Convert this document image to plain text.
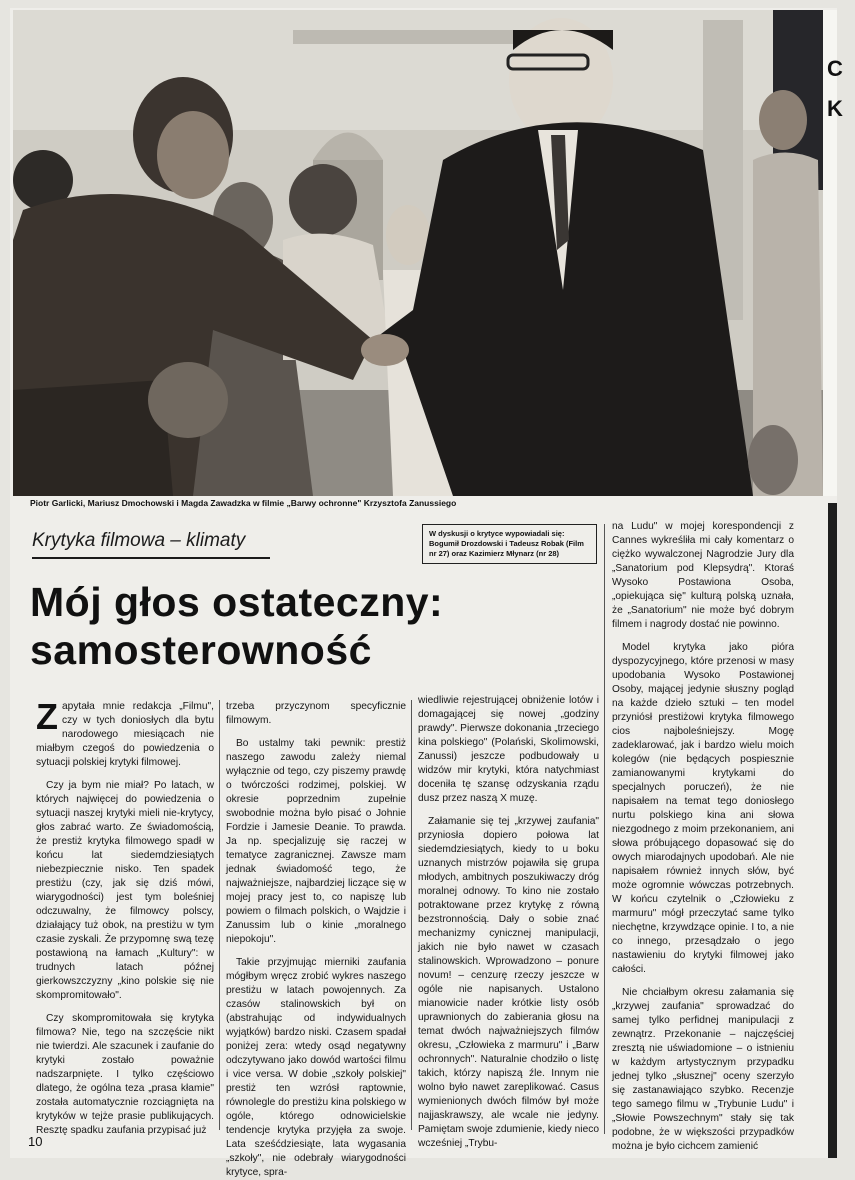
C
K
Piotr Garlicki, Mariusz Dmochowski i Magda Zawadzka w filmie „Barwy ochronne" Krzysztofa Zanussiego
Krytyka filmowa – klimaty	W dyskusji o krytyce wypowiadali się: Bogumił Drozdowski i Tadeusz Robak (Film nr 27) oraz Kazimierz Młynarz (nr 28)
Mój głos ostateczny:
samosterowność

Zapytała mnie redakcja „Filmu", czy w tych doniosłych dla bytu narodowego miesiącach nie miałbym czegoś do powiedzenia o sytuacji polskiej krytyki filmowej.

Czy ja bym nie miał? Po latach, w których najwięcej do powiedzenia o sytuacji naszej krytyki mieli nie-krytycy, głos zabrać warto. Ze świadomością, że prestiż krytyka filmowego spadł w końcu lat siedemdziesiątych niebezpiecznie nisko. Ten spadek prestiżu (czy, jak się dziś mówi, wiarygodności) jest tym boleśniej odczuwalny, że filmowcy polscy, działający tuż obok, na prestiżu w tym czasie zyskali. Że przypomnę swą tezę postawioną na łamach „Kultury": w trudnych latach późnej gierkowszczyzny „kino polskie się nie skompromitowało".

Czy skompromitowała się krytyka filmowa? Nie, tego na szczęście nikt nie twierdzi. Ale szacunek i zaufanie do krytyki zostało poważnie nadszarpnięte. I tylko częściowo dlatego, że ogólna teza „prasa kłamie" została automatycznie rozciągnięta na krytyków w tejże prasie publikujących. Resztę spadku zaufania przypisać już

trzeba przyczynom specyficznie filmowym.

Bo ustalmy taki pewnik: prestiż naszego zawodu zależy niemal wyłącznie od tego, czy piszemy prawdę o twórczości rodzimej, polskiej. W okresie poprzednim zupełnie swobodnie można było pisać o Johnie Fordzie i Jamesie Deanie. To prawda. Ja np. specjalizuję się raczej w tematyce zagranicznej. Zawsze mam jednak świadomość tego, że najważniejsze, najbardziej liczące się w mojej pracy jest to, co napiszę lub powiem o filmach polskich, o Wajdzie i Zanussim lub o kinie „moralnego niepokoju".

Takie przyjmując mierniki zaufania mógłbym wręcz zrobić wykres naszego prestiżu w latach powojennych. Za czasów stalinowskich był on (abstrahując od indywidualnych wyjątków) bardzo niski. Czasem spadał poniżej zera: wtedy osąd negatywny odczytywano jako dowód wartości filmu i vice versa. W dobie „szkoły polskiej" prestiż ten wzrósł raptownie, równolegle do prestiżu kina polskiego w ogóle, którego odnowicielskie tendencje krytyka przyjęła za swoje. Lata sześćdziesiąte, lata wygasania „szkoły", nie odebrały wiarygodności krytyce, spra-

wiedliwie rejestrującej obniżenie lotów i domagającej się nowej „godziny prawdy". Pierwsze dokonania „trzeciego kina polskiego" (Polański, Skolimowski, Zanussi) jeszcze podbudowały u widzów mir krytyki, która natychmiast doceniła tę szansę odzyskania rządu dusz przez naszą X muzę.

Załamanie się tej „krzywej zaufania" przyniosła dopiero połowa lat siedemdziesiątych, kiedy to u boku uznanych mistrzów pojawiła się grupa młodych, ambitnych poszukiwaczy dróg moralnej odnowy. To kino nie zostało potraktowane przez krytykę z równą bezstronnością. Dały o sobie znać mechanizmy cynicznej manipulacji, jakich nie było nawet w czasach stalinowskich. Wprowadzono – ponure novum! – cenzurę rzeczy jeszcze w ogóle nie napisanych. Ustalono mianowicie nader krótkie listy osób uprawnionych do zabierania głosu na temat dwóch najważniejszych filmów okresu, „Człowieka z marmuru" i „Barw ochronnych". Naturalnie chodziło o listę takich, którzy napiszą źle. Innym nie wolno było nawet zareplikować. Casus wymienionych dwóch filmów był może najjaskrawszy, ale wcale nie jedyny. Pamiętam swoje zdumienie, kiedy nieco wcześniej „Trybu-

na Ludu" w mojej korespondencji z Cannes wykreśliła mi cały komentarz o ciężko wywalczonej Nagrodzie Jury dla „Sanatorium pod Klepsydrą". Ktoraś Wysoko Postawiona Osoba, „opiekująca się" kulturą polską uznała, że „Sanatorium" nie może być dobrym filmem i nagrody dostać nie powinno.

Model krytyka jako pióra dyspozycyjnego, które przenosi w masy upodobania Wysoko Postawionej Osoby, mającej jedynie słuszny pogląd na każde dzieło sztuki – ten model przyniósł prestiżowi krytyka filmowego cios najboleśniejszy. Mogę zadeklarować, jak i bardzo wielu moich kolegów (nie będących pospiesznie zamianowanymi krytykami do specjalnych poruczeń), że nie napisałem na temat tego doniosłego nurtu polskiego kina ani słowa niezgodnego z moim przekonaniem, ani słowa próbującego dopasować się do owych miarodajnych upodobań. Ale nie napisałem również innych słów, być może ogromnie wówczas potrzebnych. W końcu czytelnik o „Człowieku z marmuru" mógł przeczytać same tylko niechętne, krzywdzące opinie. I to, a nie co innego, przesądzało o jego nastawieniu do krytyki filmowej jako całości.

Nie chciałbym okresu załamania się „krzywej zaufania" sprowadzać do samej tylko perfidnej manipulacji z zewnątrz. Przekonanie – najczęściej zresztą nie uświadomione – o istnieniu w każdym artystycznym przypadku jednej tylko „słusznej" oceny szerzyło się zastanawiająco szybko. Recenzje tego samego filmu w „Trybunie Ludu" i „Słowie Powszechnym" stały się tak podobne, że w większości przypadków można je było cichcem zamienić

10
